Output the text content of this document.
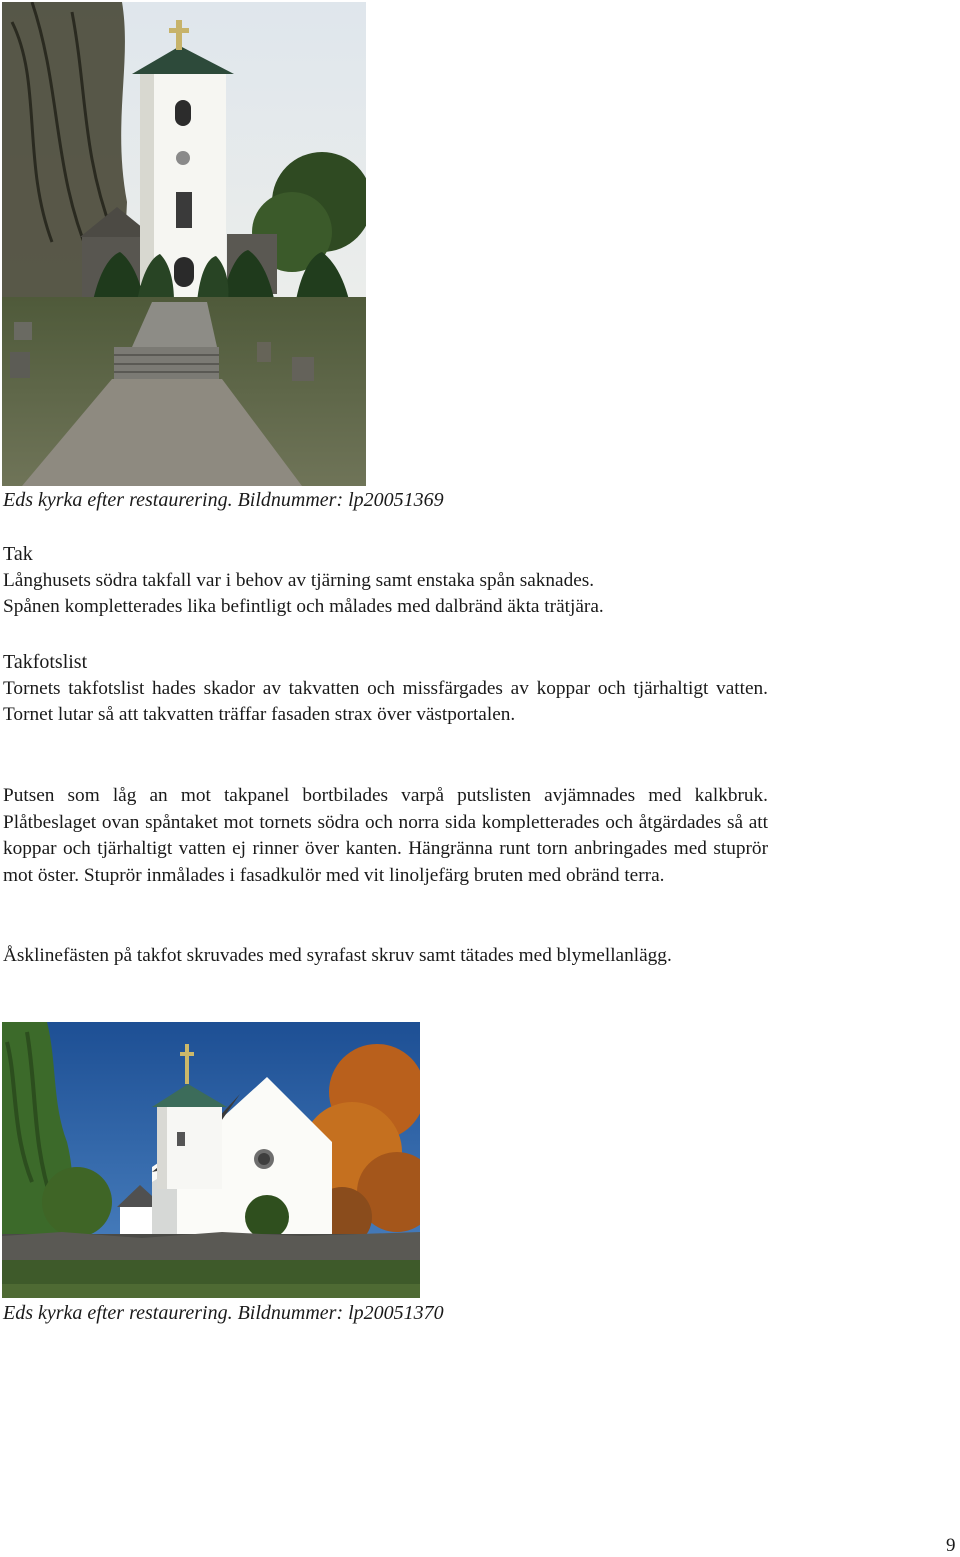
Eds kyrka efter restaurering. Bildnummer: lp20051369

Tak

Långhusets södra takfall var i behov av tjärning samt enstaka spån saknades.

Spånen kompletterades lika befintligt och målades med dalbränd äkta trätjära.

Takfotslist

Tornets takfotslist hades skador av takvatten och missfärgades av koppar och tjärhaltigt vatten. Tornet lutar så att takvatten träffar fasaden strax över västportalen.

Putsen som låg an mot takpanel bortbilades varpå putslisten avjämnades med kalkbruk. Plåtbeslaget ovan spåntaket mot tornets södra och norra sida kompletterades och åtgärdades så att koppar och tjärhaltigt vatten ej rinner över kanten. Hängränna runt torn anbringades med stuprör mot öster. Stuprör inmålades i fasadkulör med vit linoljefärg bruten med obränd terra.

Åsklinefästen på takfot skruvades med syrafast skruv samt tätades med blymellanlägg.

Eds kyrka efter restaurering. Bildnummer: lp20051370
9
